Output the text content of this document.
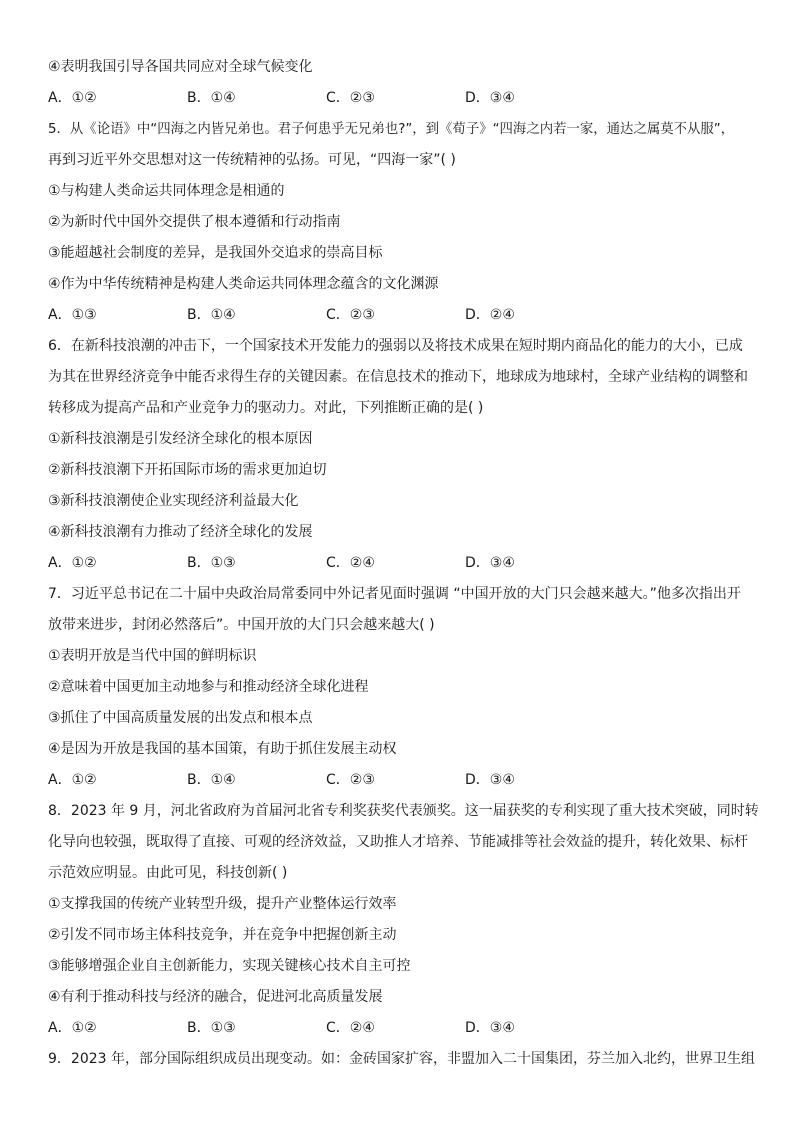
④表明我国引导各国共同应对全球气候变化
A．①②	B．①④	C．②③	D．③④
5．从《论语》中“四海之内皆兄弟也。君子何患乎无兄弟也?”，到《荀子》“四海之内若一家，通达之属莫不从服”，
再到习近平外交思想对这一传统精神的弘扬。可见，“四海一家”( )
①与构建人类命运共同体理念是相通的
②为新时代中国外交提供了根本遵循和行动指南
③能超越社会制度的差异，是我国外交追求的崇高目标
④作为中华传统精神是构建人类命运共同体理念蕴含的文化渊源
A．①③	B．①④	C．②③	D．②④
6．在新科技浪潮的冲击下，一个国家技术开发能力的强弱以及将技术成果在短时期内商品化的能力的大小，已成
为其在世界经济竞争中能否求得生存的关键因素。在信息技术的推动下，地球成为地球村，全球产业结构的调整和
转移成为提高产品和产业竞争力的驱动力。对此，下列推断正确的是( )
①新科技浪潮是引发经济全球化的根本原因
②新科技浪潮下开拓国际市场的需求更加迫切
③新科技浪潮使企业实现经济利益最大化
④新科技浪潮有力推动了经济全球化的发展
A．①②	B．①③	C．②④	D．③④
7．习近平总书记在二十届中央政治局常委同中外记者见面时强调 “中国开放的大门只会越来越大。”他多次指出开
放带来进步，封闭必然落后”。中国开放的大门只会越来越大( )
①表明开放是当代中国的鲜明标识
②意味着中国更加主动地参与和推动经济全球化进程
③抓住了中国高质量发展的出发点和根本点
④是因为开放是我国的基本国策，有助于抓住发展主动权
A．①②	B．①④	C．②③	D．③④
8．2023 年 9 月，河北省政府为首届河北省专利奖获奖代表颁奖。这一届获奖的专利实现了重大技术突破，同时转
化导向也较强，既取得了直接、可观的经济效益，又助推人才培养、节能减排等社会效益的提升，转化效果、标杆
示范效应明显。由此可见，科技创新( )
①支撑我国的传统产业转型升级，提升产业整体运行效率
②引发不同市场主体科技竞争，并在竞争中把握创新主动
③能够增强企业自主创新能力，实现关键核心技术自主可控
④有利于推动科技与经济的融合，促进河北高质量发展
A．①②	B．①③	C．②④	D．③④
9．2023 年，部分国际组织成员出现变动。如：金砖国家扩容，非盟加入二十国集团，芬兰加入北约，世界卫生组
